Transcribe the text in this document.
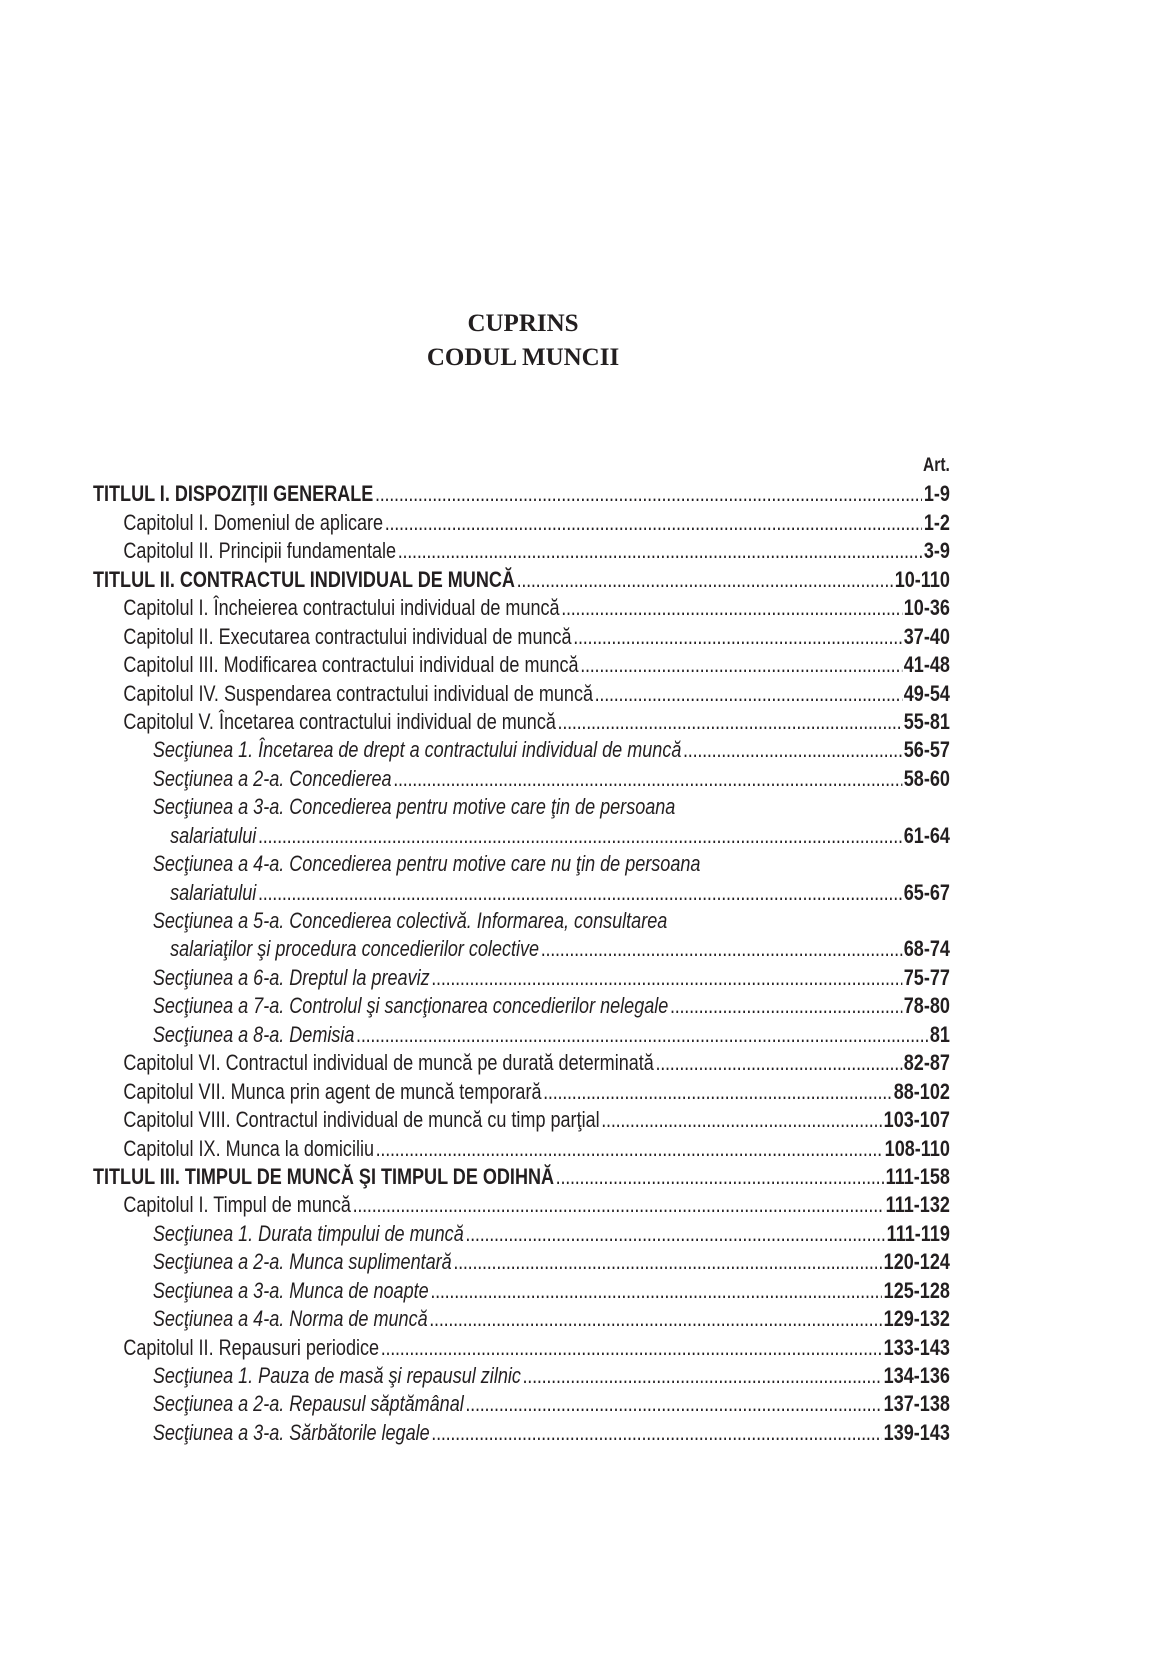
CUPRINS
CODUL MUNCII
Art.
TITLUL I. DISPOZIŢII GENERALE . . .	1-9
Capitolul I. Domeniul de aplicare . . .	1-2
Capitolul II. Principii fundamentale . . .	3-9
TITLUL II. CONTRACTUL INDIVIDUAL DE MUNCĂ . . .	10-110
Capitolul I. Încheierea contractului individual de muncă . . .	10-36
Capitolul II. Executarea contractului individual de muncă . . .	37-40
Capitolul III. Modificarea contractului individual de muncă . . .	41-48
Capitolul IV. Suspendarea contractului individual de muncă . . .	49-54
Capitolul V. Încetarea contractului individual de muncă . . .	55-81
Secţiunea 1. Încetarea de drept a contractului individual de muncă . . .	56-57
Secţiunea a 2-a. Concedierea . . .	58-60
Secţiunea a 3-a. Concedierea pentru motive care ţin de persoana
salariatului . . .	61-64
Secţiunea a 4-a. Concedierea pentru motive care nu ţin de persoana
salariatului . . .	65-67
Secţiunea a 5-a. Concedierea colectivă. Informarea, consultarea
salariaţilor şi procedura concedierilor colective . . .	68-74
Secţiunea a 6-a. Dreptul la preaviz . . .	75-77
Secţiunea a 7-a. Controlul şi sancţionarea concedierilor nelegale . . .	78-80
Secţiunea a 8-a. Demisia . . .	81
Capitolul VI. Contractul individual de muncă pe durată determinată . . .	82-87
Capitolul VII. Munca prin agent de muncă temporară . . .	88-102
Capitolul VIII. Contractul individual de muncă cu timp parţial . . .	103-107
Capitolul IX. Munca la domiciliu . . .	108-110
TITLUL III. TIMPUL DE MUNCĂ ŞI TIMPUL DE ODIHNĂ . . .	111-158
Capitolul I. Timpul de muncă . . .	111-132
Secţiunea 1. Durata timpului de muncă . . .	111-119
Secţiunea a 2-a. Munca suplimentară . . .	120-124
Secţiunea a 3-a. Munca de noapte . . .	125-128
Secţiunea a 4-a. Norma de muncă . . .	129-132
Capitolul II. Repausuri periodice . . .	133-143
Secţiunea 1. Pauza de masă şi repausul zilnic . . .	134-136
Secţiunea a 2-a. Repausul săptămânal . . .	137-138
Secţiunea a 3-a. Sărbătorile legale . . .	139-143
